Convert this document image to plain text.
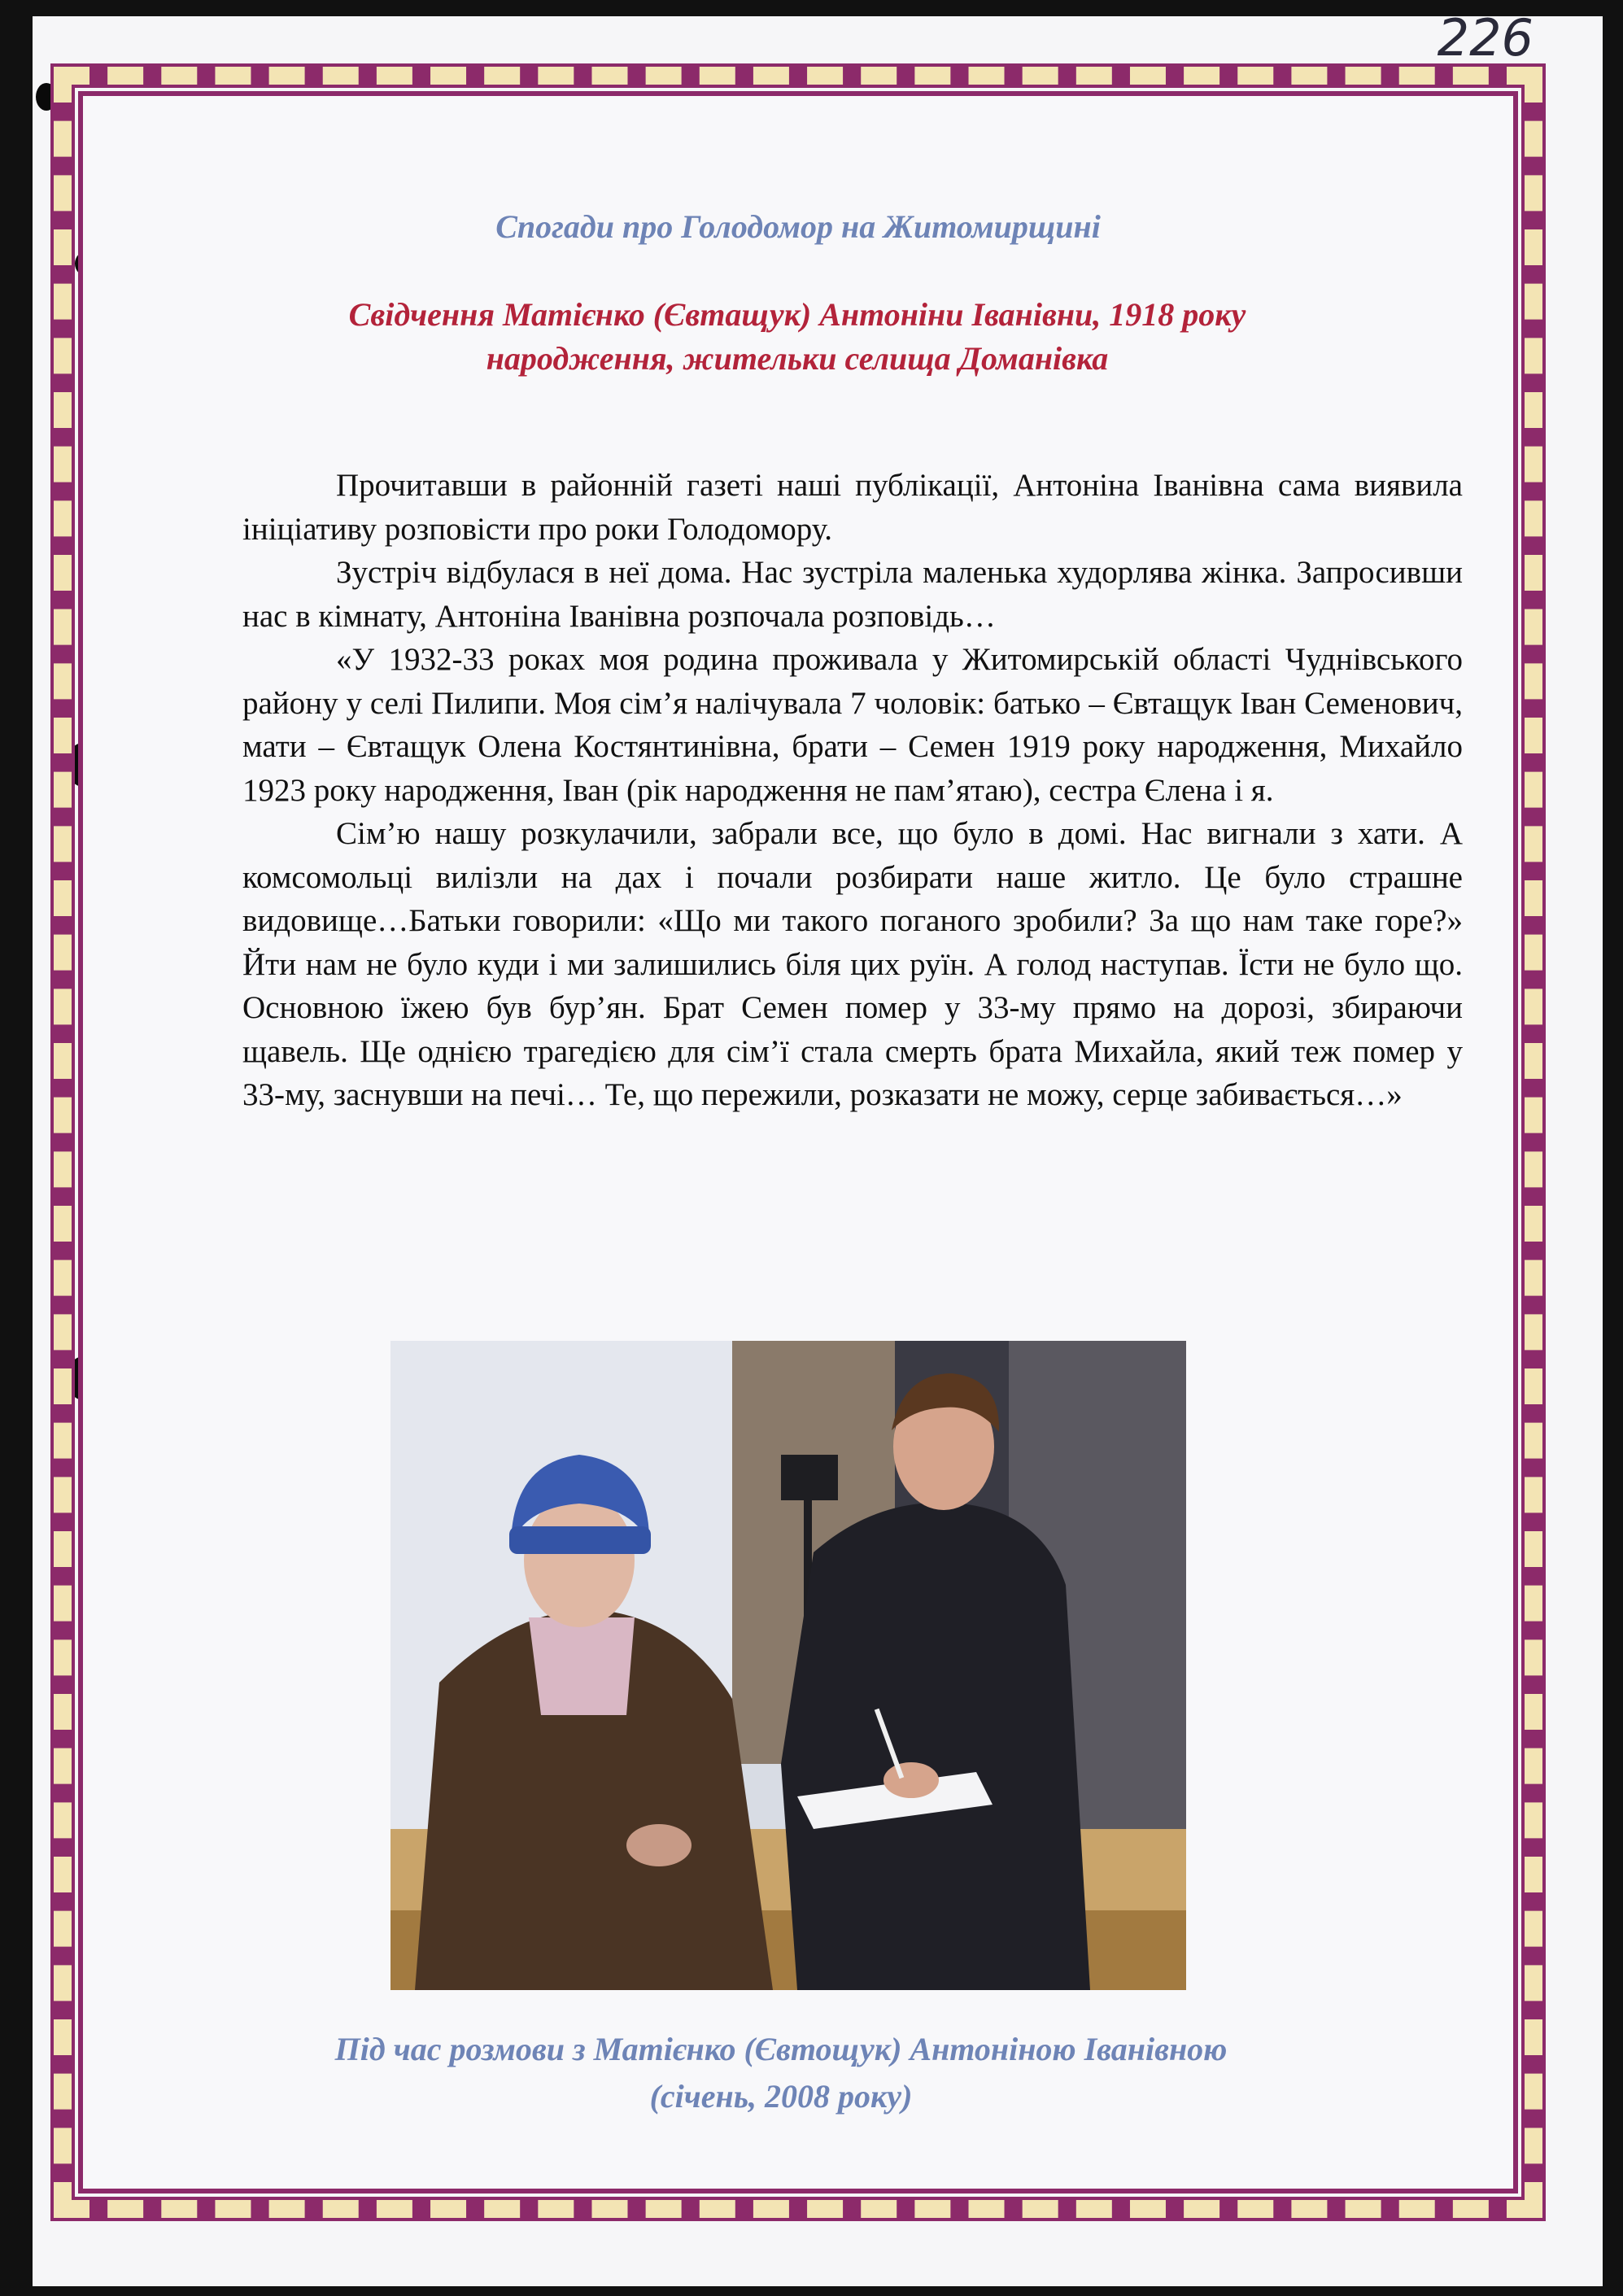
226
Спогади про Голодомор на Житомирщині
Свідчення Матієнко (Євтащук) Антоніни Іванівни, 1918 року
народження, жительки селища Доманівка

Прочитавши в районній газеті наші публікації, Антоніна Іванівна сама виявила ініціативу розповісти про роки Голодомору.

Зустріч відбулася в неї дома. Нас зустріла маленька худорлява жінка. Запросивши нас в кімнату, Антоніна Іванівна розпочала розповідь…

«У 1932-33 роках моя родина проживала у Житомирській області Чуднівського району у селі Пилипи. Моя сім’я налічувала 7 чоловік: батько – Євтащук Іван Семенович, мати – Євтащук Олена Костянтинівна, брати – Семен 1919 року народження, Михайло 1923 року народження, Іван (рік народження не пам’ятаю), сестра Єлена і я.

Сім’ю нашу розкулачили, забрали все, що було в домі. Нас вигнали з хати. А комсомольці вилізли на дах і почали розбирати наше житло. Це було страшне видовище…Батьки говорили: «Що ми такого поганого зробили? За що нам таке горе?» Йти нам не було куди і ми залишились біля цих руїн. А голод наступав. Їсти не було що. Основною їжею був бур’ян. Брат Семен помер у 33-му прямо на дорозі, збираючи щавель. Ще однією трагедією для сім’ї стала смерть брата Михайла, який теж помер у 33-му, заснувши на печі… Те, що пережили, розказати не можу, серце забивається…»

Під час розмови з Матієнко (Євтощук) Антоніною Іванівною
(січень, 2008 року)
